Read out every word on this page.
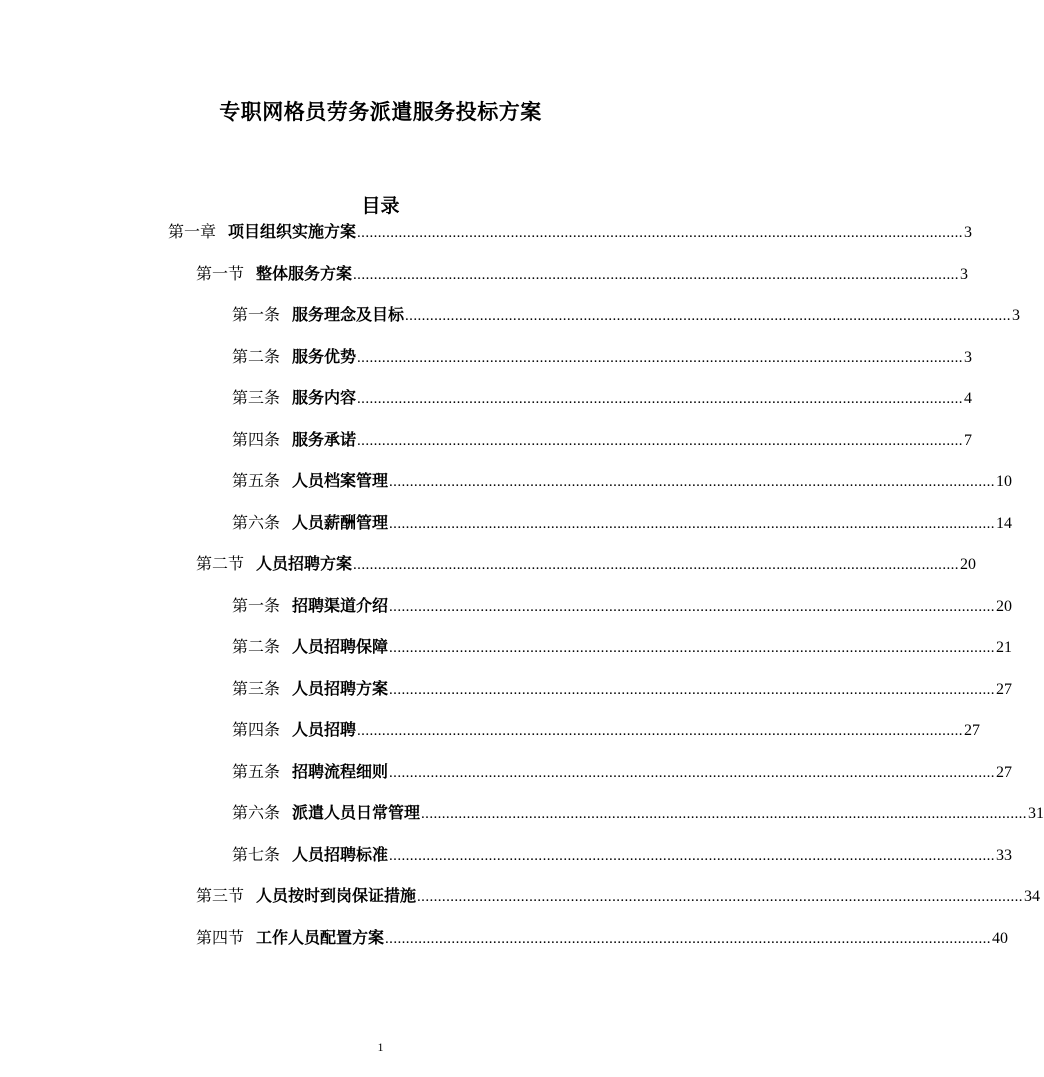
专职网格员劳务派遣服务投标方案
目录
第一章 项目组织实施方案 .................................................................................................................................................. 3
第一节 整体服务方案 .................................................................................................................................................. 3
第一条 服务理念及目标 .................................................................................................................................................. 3
第二条 服务优势 .................................................................................................................................................. 3
第三条 服务内容 .................................................................................................................................................. 4
第四条 服务承诺 .................................................................................................................................................. 7
第五条 人员档案管理 .................................................................................................................................................. 10
第六条 人员薪酬管理 .................................................................................................................................................. 14
第二节 人员招聘方案 .................................................................................................................................................. 20
第一条 招聘渠道介绍 .................................................................................................................................................. 20
第二条 人员招聘保障 .................................................................................................................................................. 21
第三条 人员招聘方案 .................................................................................................................................................. 27
第四条 人员招聘 .................................................................................................................................................. 27
第五条 招聘流程细则 .................................................................................................................................................. 27
第六条 派遣人员日常管理 .................................................................................................................................................. 31
第七条 人员招聘标准 .................................................................................................................................................. 33
第三节 人员按时到岗保证措施 .................................................................................................................................................. 34
第四节 工作人员配置方案 .................................................................................................................................................. 40
1
